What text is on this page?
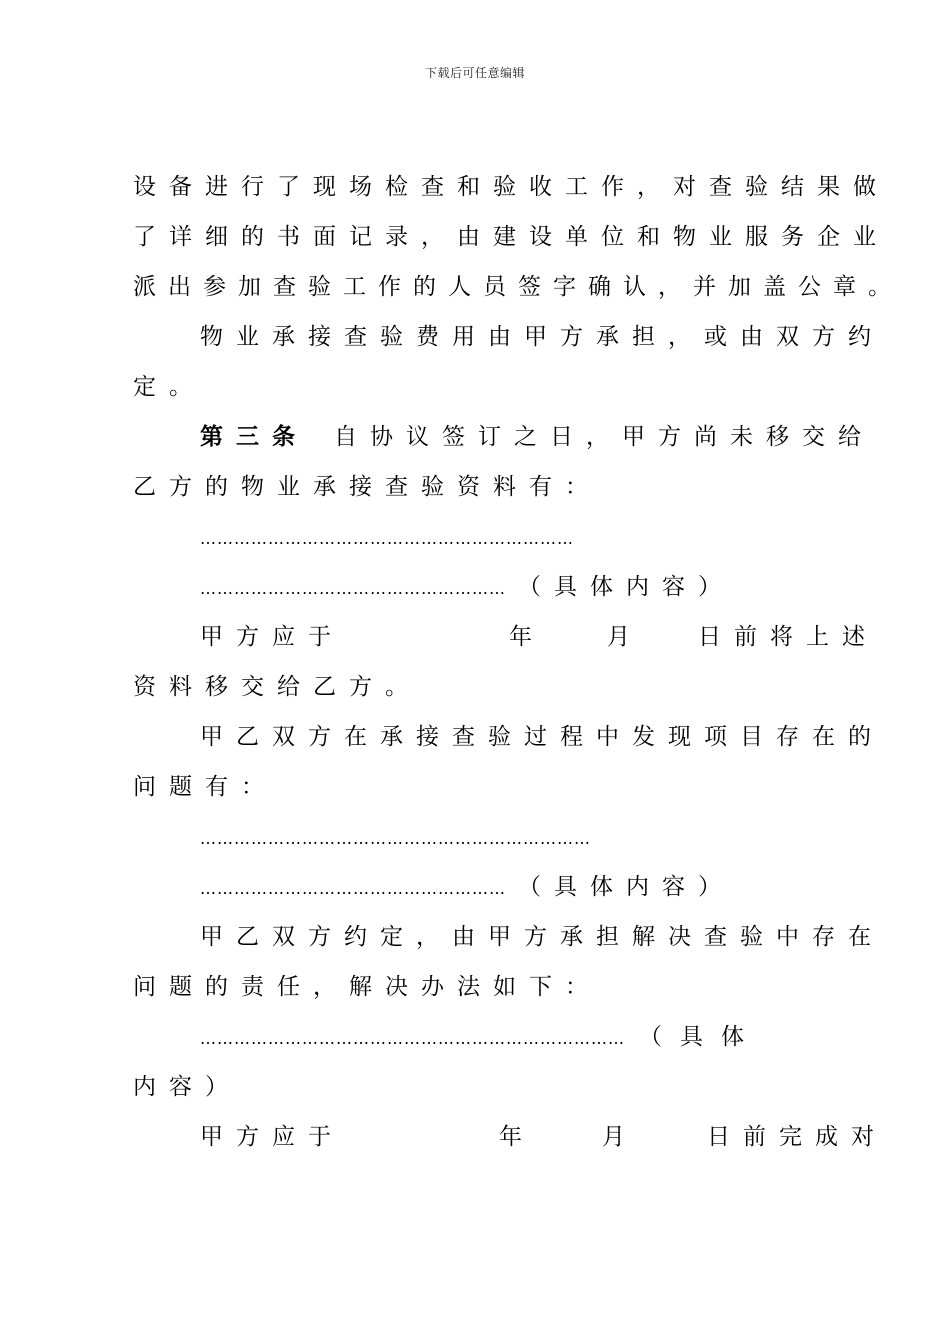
下载后可任意编辑
设备进行了现场检查和验收工作，对查验结果做
了详细的书面记录，由建设单位和物业服务企业
派出参加查验工作的人员签字确认，并加盖公章。
物业承接查验费用由甲方承担，或由双方约
定。
第三条 自协议签订之日，甲方尚未移交给
乙方的物业承接查验资料有：
…………………………………………………………
……………………………………………… （具体内容）
甲方应于	年	月	日前将上述
资料移交给乙方。
甲乙双方在承接查验过程中发现项目存在的
问题有：
……………………………………………………………
……………………………………………… （具体内容）
甲乙双方约定，由甲方承担解决查验中存在
问题的责任，解决办法如下：
………………………………………………………………… （具体
内容）
甲方应于	年	月	日前完成对
